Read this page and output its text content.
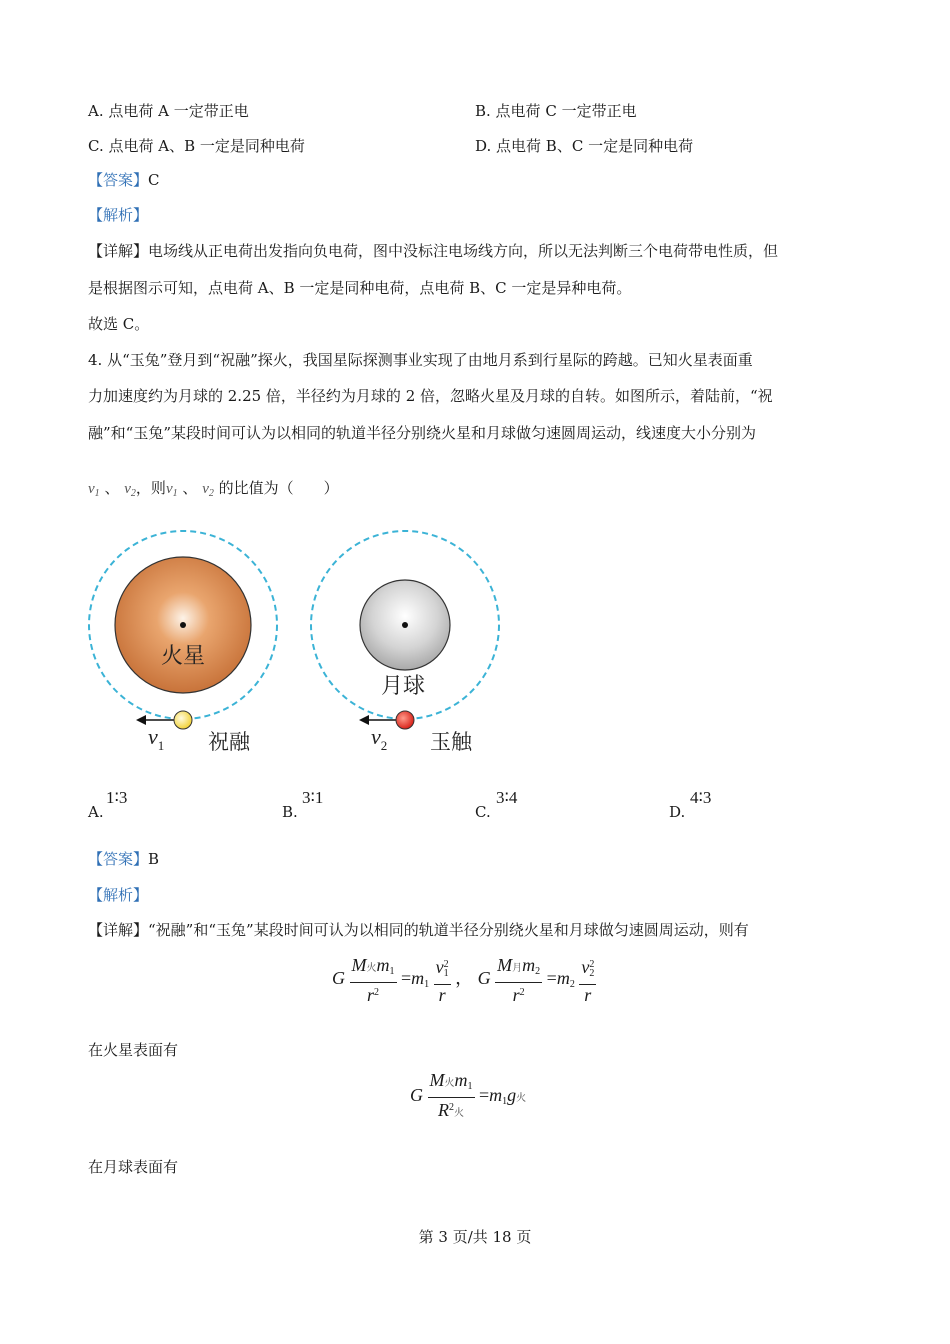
A. 点电荷 A 一定带正电	B. 点电荷 C 一定带正电
C. 点电荷 A、B 一定是同种电荷	D. 点电荷 B、C 一定是同种电荷
【答案】C
【解析】
【详解】电场线从正电荷出发指向负电荷，图中没标注电场线方向，所以无法判断三个电荷带电性质，但
是根据图示可知，点电荷 A、B 一定是同种电荷，点电荷 B、C 一定是异种电荷。
故选 C。
4. 从“玉兔”登月到“祝融”探火，我国星际探测事业实现了由地月系到行星际的跨越。已知火星表面重
力加速度约为月球的 2.25 倍，半径约为月球的 2 倍，忽略火星及月球的自转。如图所示，着陆前，“祝
融”和“玉兔”某段时间可认为以相同的轨道半径分别绕火星和月球做匀速圆周运动，线速度大小分别为
$v_1$ 、 $v_2$，则$v_1$ 、 $v_2$ 的比值为（　　）
火星
$v_1$ 祝融
月球
$v_2$ 玉触
A.
1∶3
B.
3∶1
C.
3∶4
D.
4∶3
【答案】B
【解析】
【详解】“祝融”和“玉兔”某段时间可认为以相同的轨道半径分别绕火星和月球做匀速圆周运动，则有
G $\frac{M火m_1}{r^2} =m_1 \frac{v_1^2}{r}$ ， G $\frac{M月m_2}{r^2} =m_2 \frac{v_2^2}{r}$
在火星表面有
G $\frac{M火m_1}{R^2火} =m_1g$火
在月球表面有
第 3 页/共 18 页
